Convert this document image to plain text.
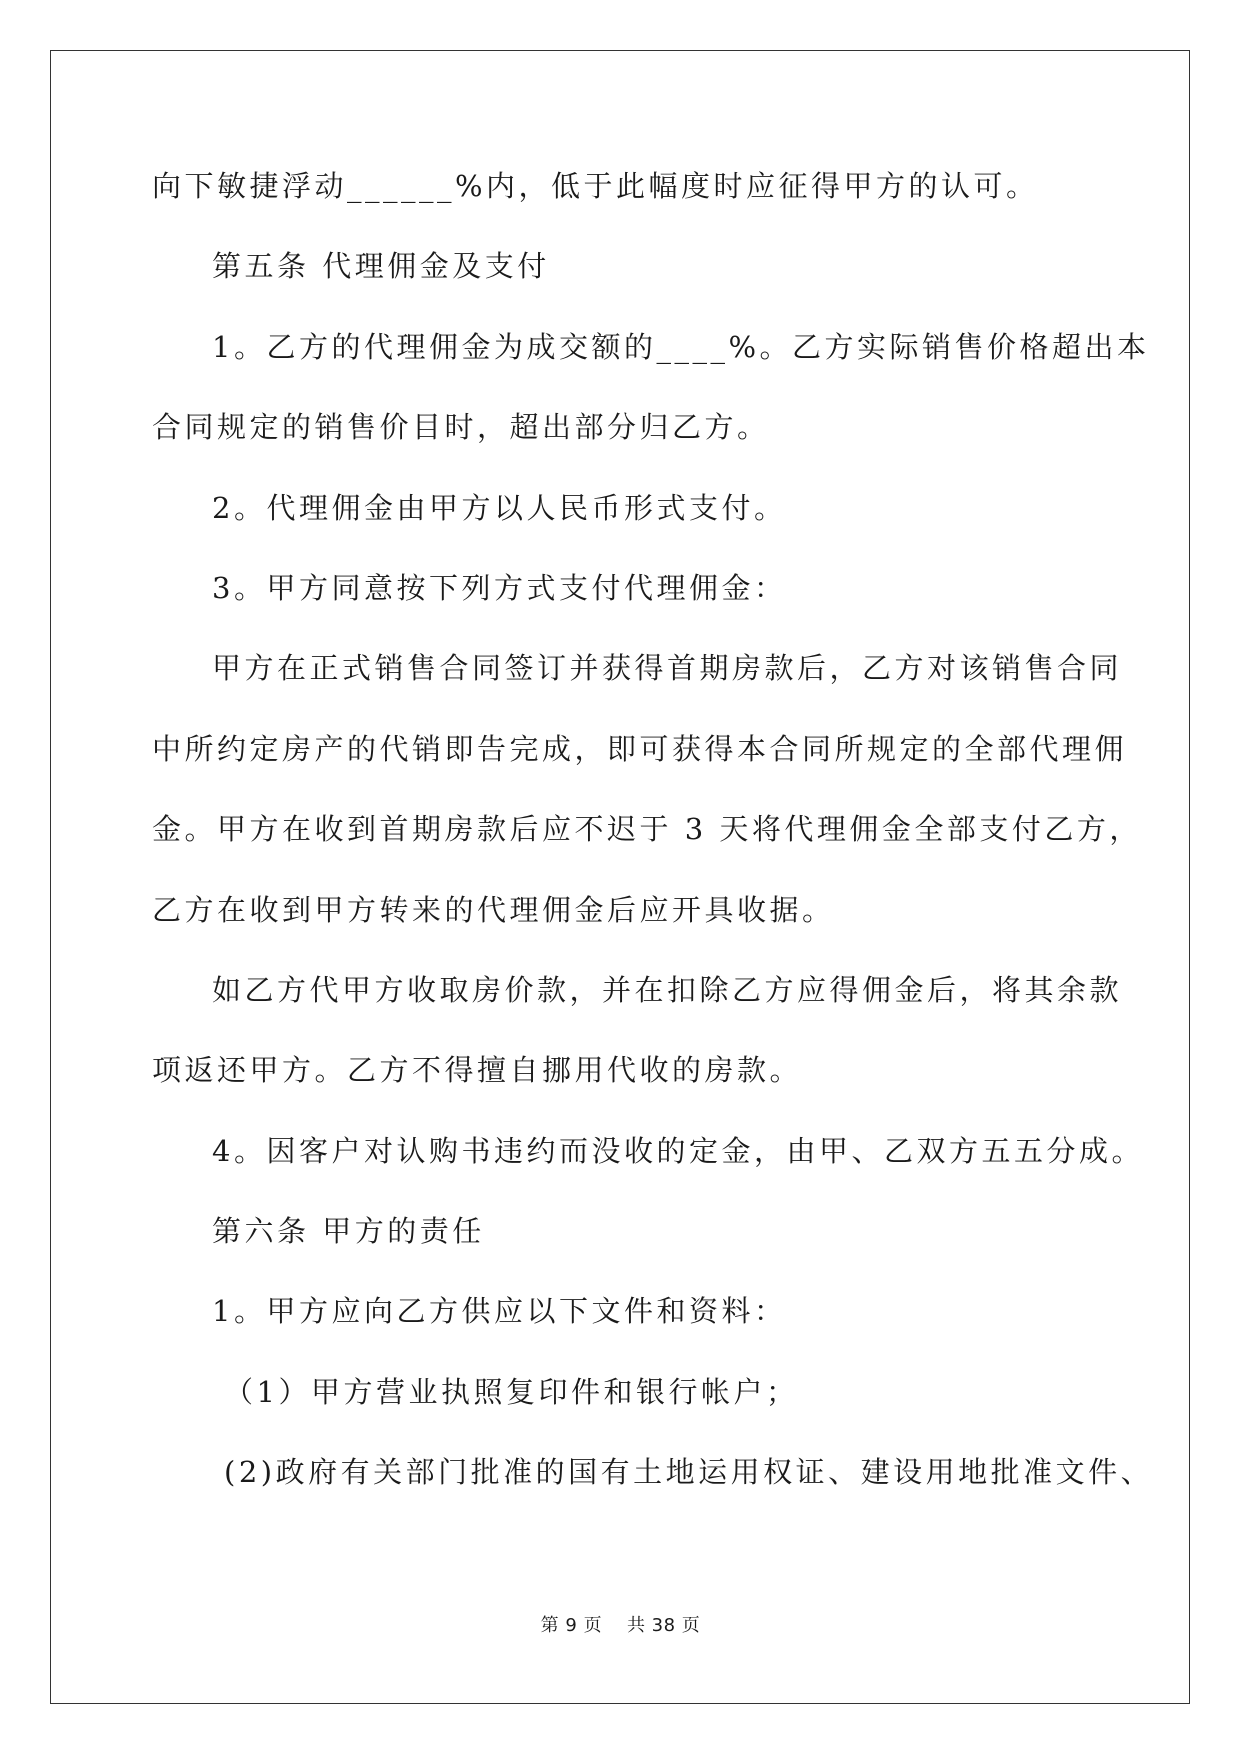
向下敏捷浮动______%内，低于此幅度时应征得甲方的认可。
第五条 代理佣金及支付
1。乙方的代理佣金为成交额的____%。乙方实际销售价格超出本
合同规定的销售价目时，超出部分归乙方。
2。代理佣金由甲方以人民币形式支付。
3。甲方同意按下列方式支付代理佣金：
甲方在正式销售合同签订并获得首期房款后，乙方对该销售合同
中所约定房产的代销即告完成，即可获得本合同所规定的全部代理佣
金。甲方在收到首期房款后应不迟于 3 天将代理佣金全部支付乙方，
乙方在收到甲方转来的代理佣金后应开具收据。
如乙方代甲方收取房价款，并在扣除乙方应得佣金后，将其余款
项返还甲方。乙方不得擅自挪用代收的房款。
4。因客户对认购书违约而没收的定金，由甲、乙双方五五分成。
第六条 甲方的责任
1。甲方应向乙方供应以下文件和资料：
（1）甲方营业执照复印件和银行帐户；
(2)政府有关部门批准的国有土地运用权证、建设用地批准文件、
第 9 页    共 38 页
